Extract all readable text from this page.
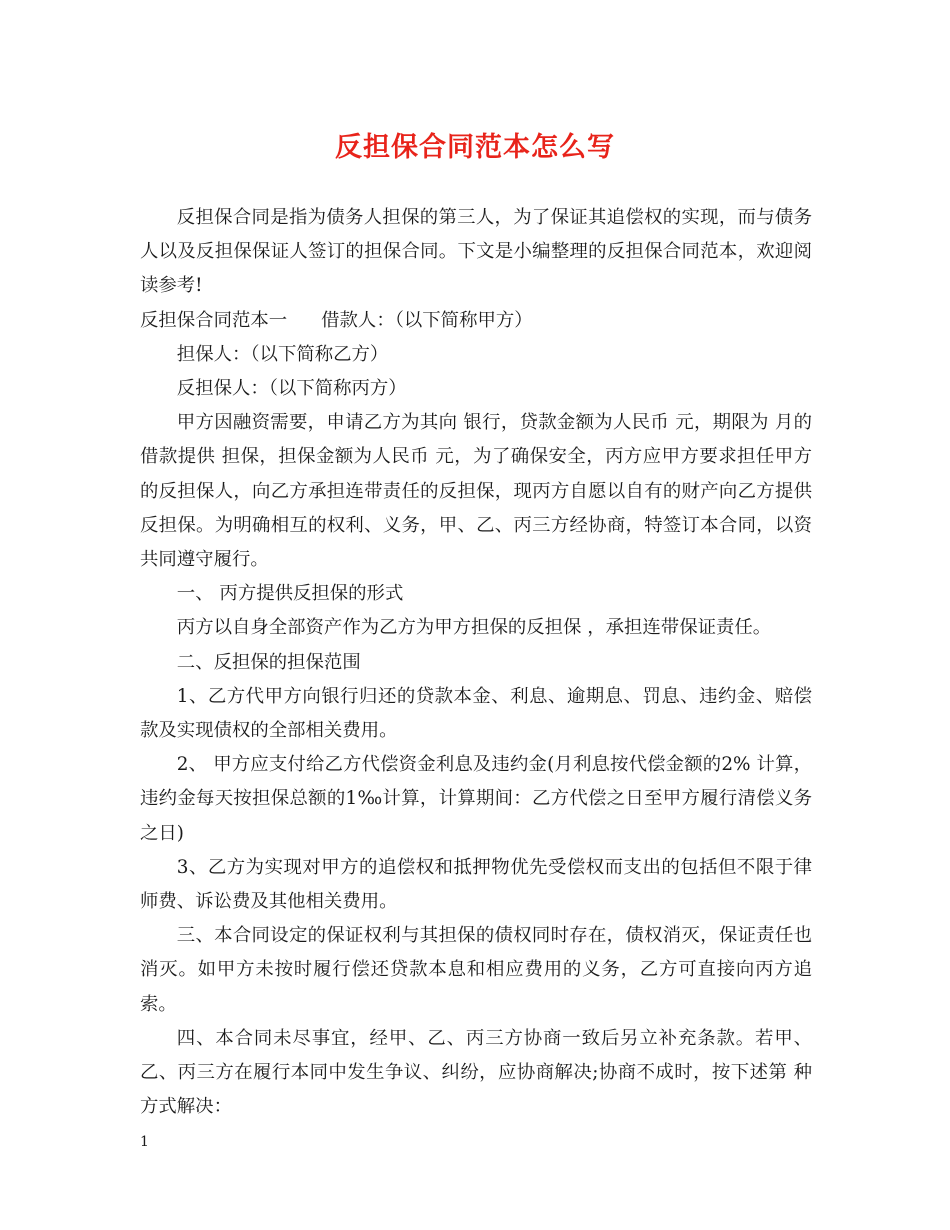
反担保合同范本怎么写

反担保合同是指为债务人担保的第三人，为了保证其追偿权的实现，而与债务人以及反担保保证人签订的担保合同。下文是小编整理的反担保合同范本，欢迎阅读参考!

反担保合同范本一 借款人：（以下简称甲方）

担保人：（以下简称乙方）

反担保人：（以下简称丙方）

甲方因融资需要，申请乙方为其向 银行，贷款金额为人民币 元，期限为 月的借款提供 担保，担保金额为人民币 元，为了确保安全，丙方应甲方要求担任甲方的反担保人，向乙方承担连带责任的反担保，现丙方自愿以自有的财产向乙方提供反担保。为明确相互的权利、义务，甲、乙、丙三方经协商，特签订本合同，以资共同遵守履行。

一、 丙方提供反担保的形式

丙方以自身全部资产作为乙方为甲方担保的反担保 ，承担连带保证责任。

二、反担保的担保范围

1、乙方代甲方向银行归还的贷款本金、利息、逾期息、罚息、违约金、赔偿款及实现债权的全部相关费用。

2、 甲方应支付给乙方代偿资金利息及违约金(月利息按代偿金额的2% 计算，违约金每天按担保总额的1‰计算，计算期间：乙方代偿之日至甲方履行清偿义务之日)

3、乙方为实现对甲方的追偿权和抵押物优先受偿权而支出的包括但不限于律师费、诉讼费及其他相关费用。

三、本合同设定的保证权利与其担保的债权同时存在，债权消灭，保证责任也消灭。如甲方未按时履行偿还贷款本息和相应费用的义务，乙方可直接向丙方追索。

四、本合同未尽事宜，经甲、乙、丙三方协商一致后另立补充条款。若甲、乙、丙三方在履行本同中发生争议、纠纷，应协商解决;协商不成时，按下述第 种方式解决：

1
